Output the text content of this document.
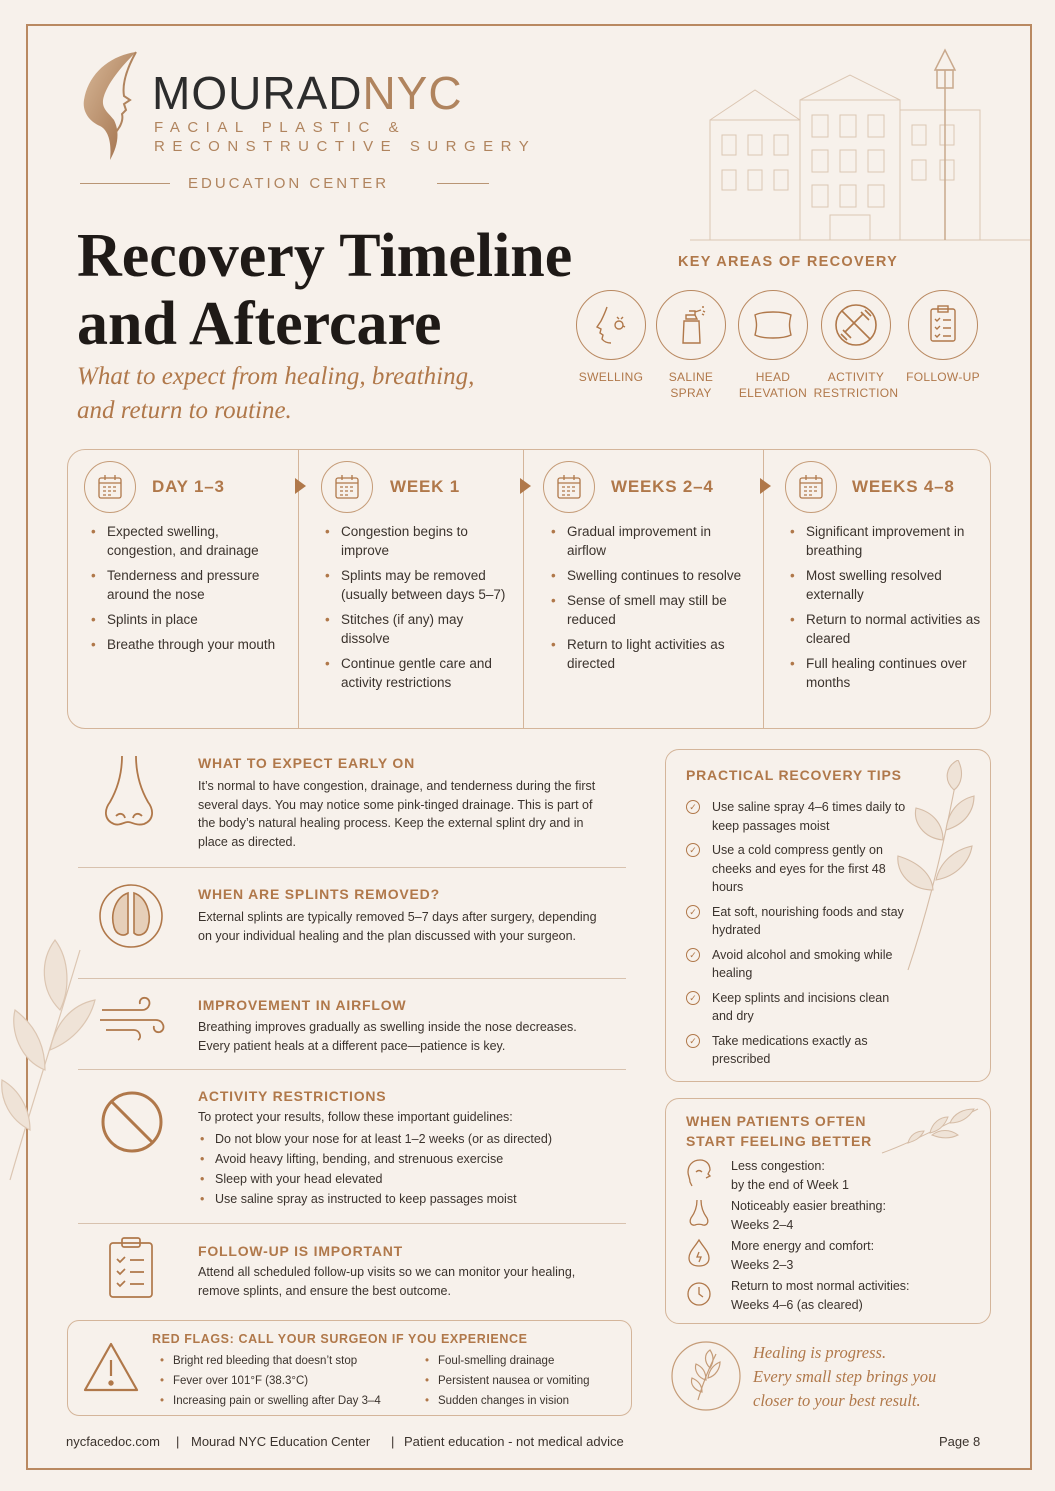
MOURADNYC
FACIAL PLASTIC &
RECONSTRUCTIVE SURGERY
EDUCATION CENTER
Recovery Timeline
and Aftercare
What to expect from healing, breathing,
and return to routine.
KEY AREAS OF RECOVERY
SWELLING	SALINE
SPRAY
HEAD
ELEVATION
ACTIVITY
RESTRICTION
FOLLOW-UP
DAY 1–3	WEEK 1	WEEKS 2–4	WEEKS 4–8
• Expected swelling, congestion, and drainage
• Tenderness and pressure around the nose
• Splints in place
• Breathe through your mouth
• Congestion begins to improve
• Splints may be removed (usually between days 5–7)
• Stitches (if any) may dissolve
• Continue gentle care and activity restrictions
• Gradual improvement in airflow
• Swelling continues to resolve
• Sense of smell may still be reduced
• Return to light activities as directed
• Significant improvement in breathing
• Most swelling resolved externally
• Return to normal activities as cleared
• Full healing continues over months
WHAT TO EXPECT EARLY ON
It’s normal to have congestion, drainage, and tenderness during the first several days. You may notice some pink-tinged drainage. This is part of the body’s natural healing process. Keep the external splint dry and in place as directed.
WHEN ARE SPLINTS REMOVED?
External splints are typically removed 5–7 days after surgery, depending on your individual healing and the plan discussed with your surgeon.
IMPROVEMENT IN AIRFLOW
Breathing improves gradually as swelling inside the nose decreases. Every patient heals at a different pace—patience is key.
ACTIVITY RESTRICTIONS
To protect your results, follow these important guidelines:
• Do not blow your nose for at least 1–2 weeks (or as directed)
• Avoid heavy lifting, bending, and strenuous exercise
• Sleep with your head elevated
• Use saline spray as instructed to keep passages moist
FOLLOW-UP IS IMPORTANT
Attend all scheduled follow-up visits so we can monitor your healing, remove splints, and ensure the best outcome.
RED FLAGS: CALL YOUR SURGEON IF YOU EXPERIENCE
• Bright red bleeding that doesn’t stop
• Fever over 101°F (38.3°C)
• Increasing pain or swelling after Day 3–4
• Foul-smelling drainage
• Persistent nausea or vomiting
• Sudden changes in vision
PRACTICAL RECOVERY TIPS
✓ Use saline spray 4–6 times daily to keep passages moist
✓ Use a cold compress gently on cheeks and eyes for the first 48 hours
✓ Eat soft, nourishing foods and stay hydrated
✓ Avoid alcohol and smoking while healing
✓ Keep splints and incisions clean and dry
✓ Take medications exactly as prescribed
WHEN PATIENTS OFTEN
START FEELING BETTER
Less congestion:
by the end of Week 1
Noticeably easier breathing:
Weeks 2–4
More energy and comfort:
Weeks 2–3
Return to most normal activities:
Weeks 4–6 (as cleared)
Healing is progress.
Every small step brings you
closer to your best result.
nycfacedoc.com | Mourad NYC Education Center | Patient education - not medical advice	Page 8
